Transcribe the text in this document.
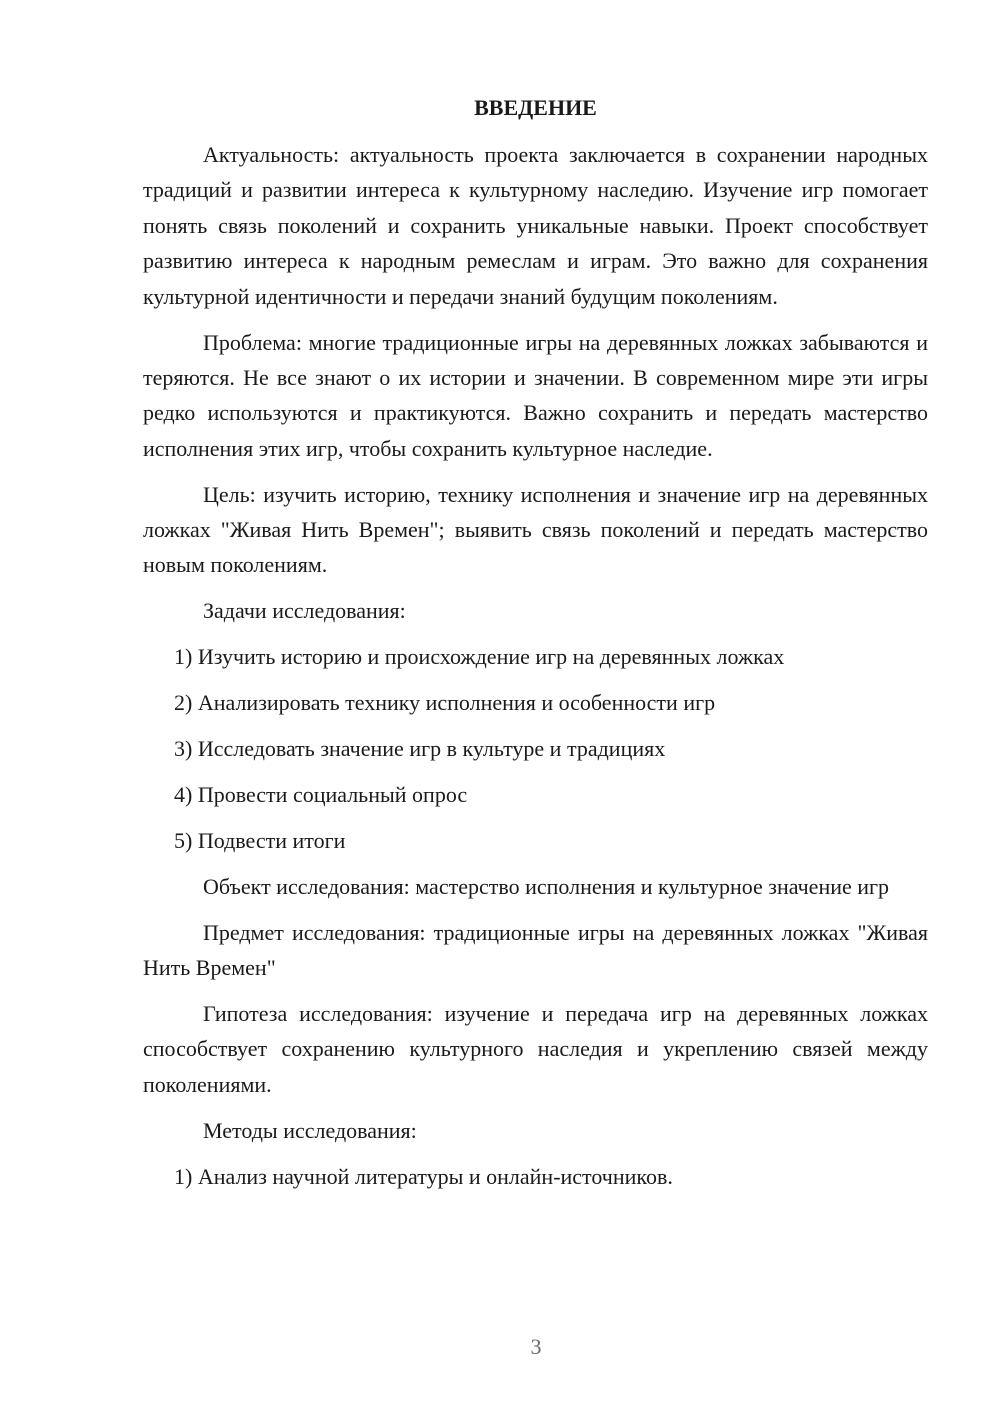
ВВЕДЕНИЕ

Актуальность: актуальность проекта заключается в сохранении народных традиций и развитии интереса к культурному наследию. Изучение игр помогает понять связь поколений и сохранить уникальные навыки. Проект способствует развитию интереса к народным ремеслам и играм. Это важно для сохранения культурной идентичности и передачи знаний будущим поколениям.

Проблема: многие традиционные игры на деревянных ложках забываются и теряются. Не все знают о их истории и значении. В современном мире эти игры редко используются и практикуются. Важно сохранить и передать мастерство исполнения этих игр, чтобы сохранить культурное наследие.

Цель: изучить историю, технику исполнения и значение игр на деревянных ложках "Живая Нить Времен"; выявить связь поколений и передать мастерство новым поколениям.

Задачи исследования:

1) Изучить историю и происхождение игр на деревянных ложках

2) Анализировать технику исполнения и особенности игр

3) Исследовать значение игр в культуре и традициях

4) Провести социальный опрос

5) Подвести итоги

Объект исследования: мастерство исполнения и культурное значение игр

Предмет исследования: традиционные игры на деревянных ложках "Живая Нить Времен"

Гипотеза исследования: изучение и передача игр на деревянных ложках способствует сохранению культурного наследия и укреплению связей между поколениями.

Методы исследования:

1) Анализ научной литературы и онлайн-источников.

3
